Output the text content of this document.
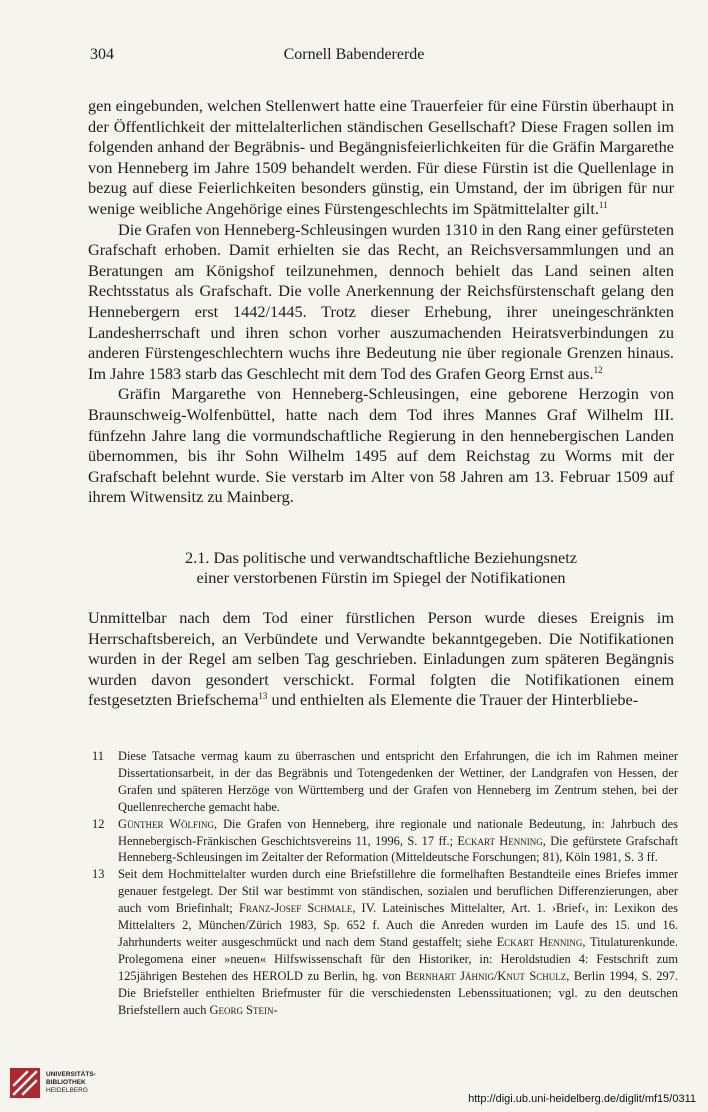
304	Cornell Babendererde

gen eingebunden, welchen Stellenwert hatte eine Trauerfeier für eine Fürstin überhaupt in der Öffentlichkeit der mittelalterlichen ständischen Gesellschaft? Diese Fragen sollen im folgenden anhand der Begräbnis- und Begängnisfeierlichkeiten für die Gräfin Margarethe von Henneberg im Jahre 1509 behandelt werden. Für diese Fürstin ist die Quellenlage in bezug auf diese Feierlichkeiten besonders günstig, ein Umstand, der im übrigen für nur wenige weibliche Angehörige eines Fürstengeschlechts im Spätmittelalter gilt.$^{11}$

Die Grafen von Henneberg-Schleusingen wurden 1310 in den Rang einer gefürsteten Grafschaft erhoben. Damit erhielten sie das Recht, an Reichsversammlungen und an Beratungen am Königshof teilzunehmen, dennoch behielt das Land seinen alten Rechtsstatus als Grafschaft. Die volle Anerkennung der Reichsfürstenschaft gelang den Hennebergern erst 1442/1445. Trotz dieser Erhebung, ihrer uneingeschränkten Landesherrschaft und ihren schon vorher auszumachenden Heiratsverbindungen zu anderen Fürstengeschlechtern wuchs ihre Bedeutung nie über regionale Grenzen hinaus. Im Jahre 1583 starb das Geschlecht mit dem Tod des Grafen Georg Ernst aus.$^{12}$

Gräfin Margarethe von Henneberg-Schleusingen, eine geborene Herzogin von Braunschweig-Wolfenbüttel, hatte nach dem Tod ihres Mannes Graf Wilhelm III. fünfzehn Jahre lang die vormundschaftliche Regierung in den hennebergischen Landen übernommen, bis ihr Sohn Wilhelm 1495 auf dem Reichstag zu Worms mit der Grafschaft belehnt wurde. Sie verstarb im Alter von 58 Jahren am 13. Februar 1509 auf ihrem Witwensitz zu Mainberg.

2.1. Das politische und verwandtschaftliche Beziehungsnetz
einer verstorbenen Fürstin im Spiegel der Notifikationen

Unmittelbar nach dem Tod einer fürstlichen Person wurde dieses Ereignis im Herrschaftsbereich, an Verbündete und Verwandte bekanntgegeben. Die Notifikationen wurden in der Regel am selben Tag geschrieben. Einladungen zum späteren Begängnis wurden davon gesondert verschickt. Formal folgten die Notifikationen einem festgesetzten Briefschema$^{13}$ und enthielten als Elemente die Trauer der Hinterbliebe-

11 Diese Tatsache vermag kaum zu überraschen und entspricht den Erfahrungen, die ich im Rahmen meiner Dissertationsarbeit, in der das Begräbnis und Totengedenken der Wettiner, der Landgrafen von Hessen, der Grafen und späteren Herzöge von Württemberg und der Grafen von Henneberg im Zentrum stehen, bei der Quellenrecherche gemacht habe.

12 Günther Wölfing, Die Grafen von Henneberg, ihre regionale und nationale Bedeutung, in: Jahrbuch des Hennebergisch-Fränkischen Geschichtsvereins 11, 1996, S. 17 ff.; Eckart Henning, Die gefürstete Grafschaft Henneberg-Schleusingen im Zeitalter der Reformation (Mitteldeutsche Forschungen; 81), Köln 1981, S. 3 ff.

13 Seit dem Hochmittelalter wurden durch eine Briefstillehre die formelhaften Bestandteile eines Briefes immer genauer festgelegt. Der Stil war bestimmt von ständischen, sozialen und beruflichen Differenzierungen, aber auch vom Briefinhalt; Franz-Josef Schmale, IV. Lateinisches Mittelalter, Art. 1. ›Brief‹, in: Lexikon des Mittelalters 2, München/Zürich 1983, Sp. 652 f. Auch die Anreden wurden im Laufe des 15. und 16. Jahrhunderts weiter ausgeschmückt und nach dem Stand gestaffelt; siehe Eckart Henning, Titulaturenkunde. Prolegomena einer »neuen« Hilfswissenschaft für den Historiker, in: Heroldstudien 4: Festschrift zum 125jährigen Bestehen des HEROLD zu Berlin, hg. von Bernhart Jähnig/Knut Schulz, Berlin 1994, S. 297. Die Briefsteller enthielten Briefmuster für die verschiedensten Lebenssituationen; vgl. zu den deutschen Briefstellern auch Georg Stein-

UNIVERSITÄTS-
BIBLIOTHEK
HEIDELBERG
http://digi.ub.uni-heidelberg.de/diglit/mf15/0311
